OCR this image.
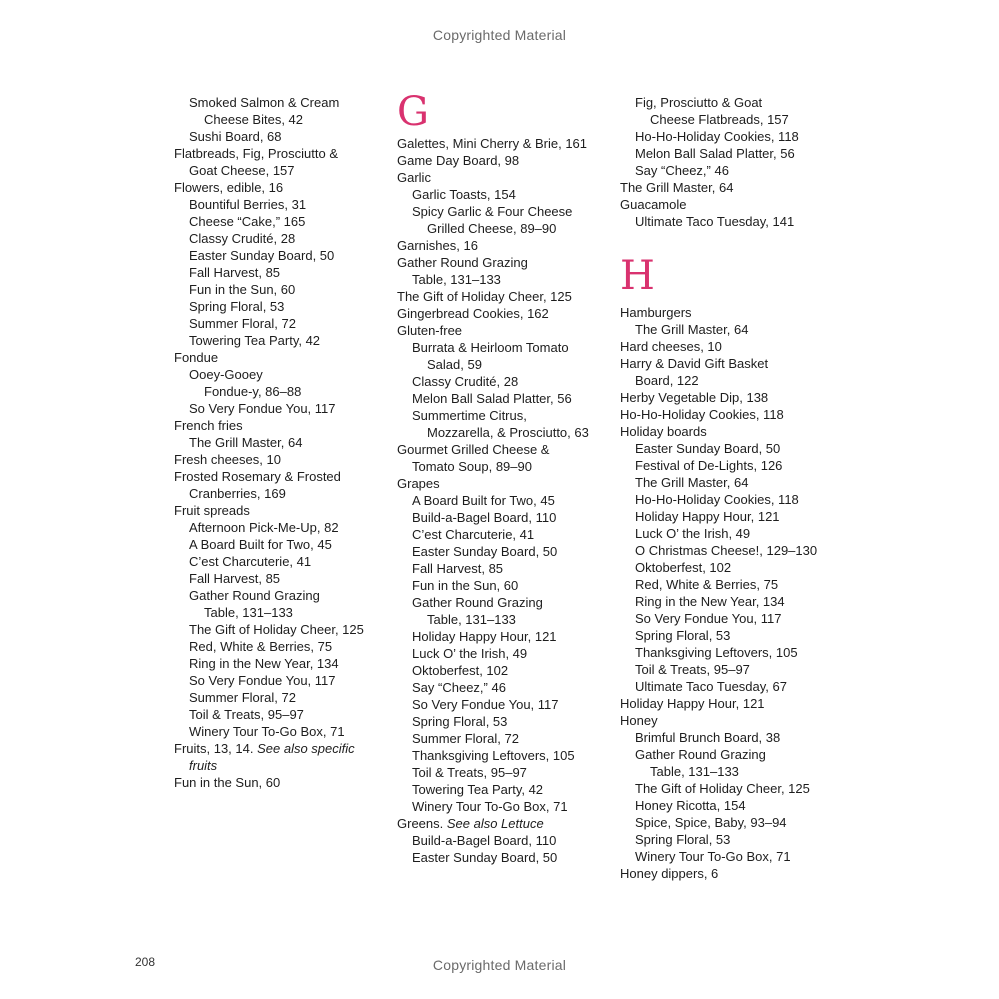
Copyrighted Material
Smoked Salmon & Cream
Cheese Bites, 42
Sushi Board, 68
Flatbreads, Fig, Prosciutto &
Goat Cheese, 157
Flowers, edible, 16
Bountiful Berries, 31
Cheese “Cake,” 165
Classy Crudité, 28
Easter Sunday Board, 50
Fall Harvest, 85
Fun in the Sun, 60
Spring Floral, 53
Summer Floral, 72
Towering Tea Party, 42
Fondue
Ooey-Gooey
Fondue-y, 86–88
So Very Fondue You, 117
French fries
The Grill Master, 64
Fresh cheeses, 10
Frosted Rosemary & Frosted
Cranberries, 169
Fruit spreads
Afternoon Pick-Me-Up, 82
A Board Built for Two, 45
C’est Charcuterie, 41
Fall Harvest, 85
Gather Round Grazing
Table, 131–133
The Gift of Holiday Cheer, 125
Red, White & Berries, 75
Ring in the New Year, 134
So Very Fondue You, 117
Summer Floral, 72
Toil & Treats, 95–97
Winery Tour To-Go Box, 71
Fruits, 13, 14. See also specific
fruits
Fun in the Sun, 60
G
Galettes, Mini Cherry & Brie, 161
Game Day Board, 98
Garlic
Garlic Toasts, 154
Spicy Garlic & Four Cheese
Grilled Cheese, 89–90
Garnishes, 16
Gather Round Grazing
Table, 131–133
The Gift of Holiday Cheer, 125
Gingerbread Cookies, 162
Gluten-free
Burrata & Heirloom Tomato
Salad, 59
Classy Crudité, 28
Melon Ball Salad Platter, 56
Summertime Citrus,
Mozzarella, & Prosciutto, 63
Gourmet Grilled Cheese &
Tomato Soup, 89–90
Grapes
A Board Built for Two, 45
Build-a-Bagel Board, 110
C’est Charcuterie, 41
Easter Sunday Board, 50
Fall Harvest, 85
Fun in the Sun, 60
Gather Round Grazing
Table, 131–133
Holiday Happy Hour, 121
Luck O’ the Irish, 49
Oktoberfest, 102
Say “Cheez,” 46
So Very Fondue You, 117
Spring Floral, 53
Summer Floral, 72
Thanksgiving Leftovers, 105
Toil & Treats, 95–97
Towering Tea Party, 42
Winery Tour To-Go Box, 71
Greens. See also Lettuce
Build-a-Bagel Board, 110
Easter Sunday Board, 50
Fig, Prosciutto & Goat
Cheese Flatbreads, 157
Ho-Ho-Holiday Cookies, 118
Melon Ball Salad Platter, 56
Say “Cheez,” 46
The Grill Master, 64
Guacamole
Ultimate Taco Tuesday, 141
H
Hamburgers
The Grill Master, 64
Hard cheeses, 10
Harry & David Gift Basket
Board, 122
Herby Vegetable Dip, 138
Ho-Ho-Holiday Cookies, 118
Holiday boards
Easter Sunday Board, 50
Festival of De-Lights, 126
The Grill Master, 64
Ho-Ho-Holiday Cookies, 118
Holiday Happy Hour, 121
Luck O’ the Irish, 49
O Christmas Cheese!, 129–130
Oktoberfest, 102
Red, White & Berries, 75
Ring in the New Year, 134
So Very Fondue You, 117
Spring Floral, 53
Thanksgiving Leftovers, 105
Toil & Treats, 95–97
Ultimate Taco Tuesday, 67
Holiday Happy Hour, 121
Honey
Brimful Brunch Board, 38
Gather Round Grazing
Table, 131–133
The Gift of Holiday Cheer, 125
Honey Ricotta, 154
Spice, Spice, Baby, 93–94
Spring Floral, 53
Winery Tour To-Go Box, 71
Honey dippers, 6
208	Copyrighted Material
